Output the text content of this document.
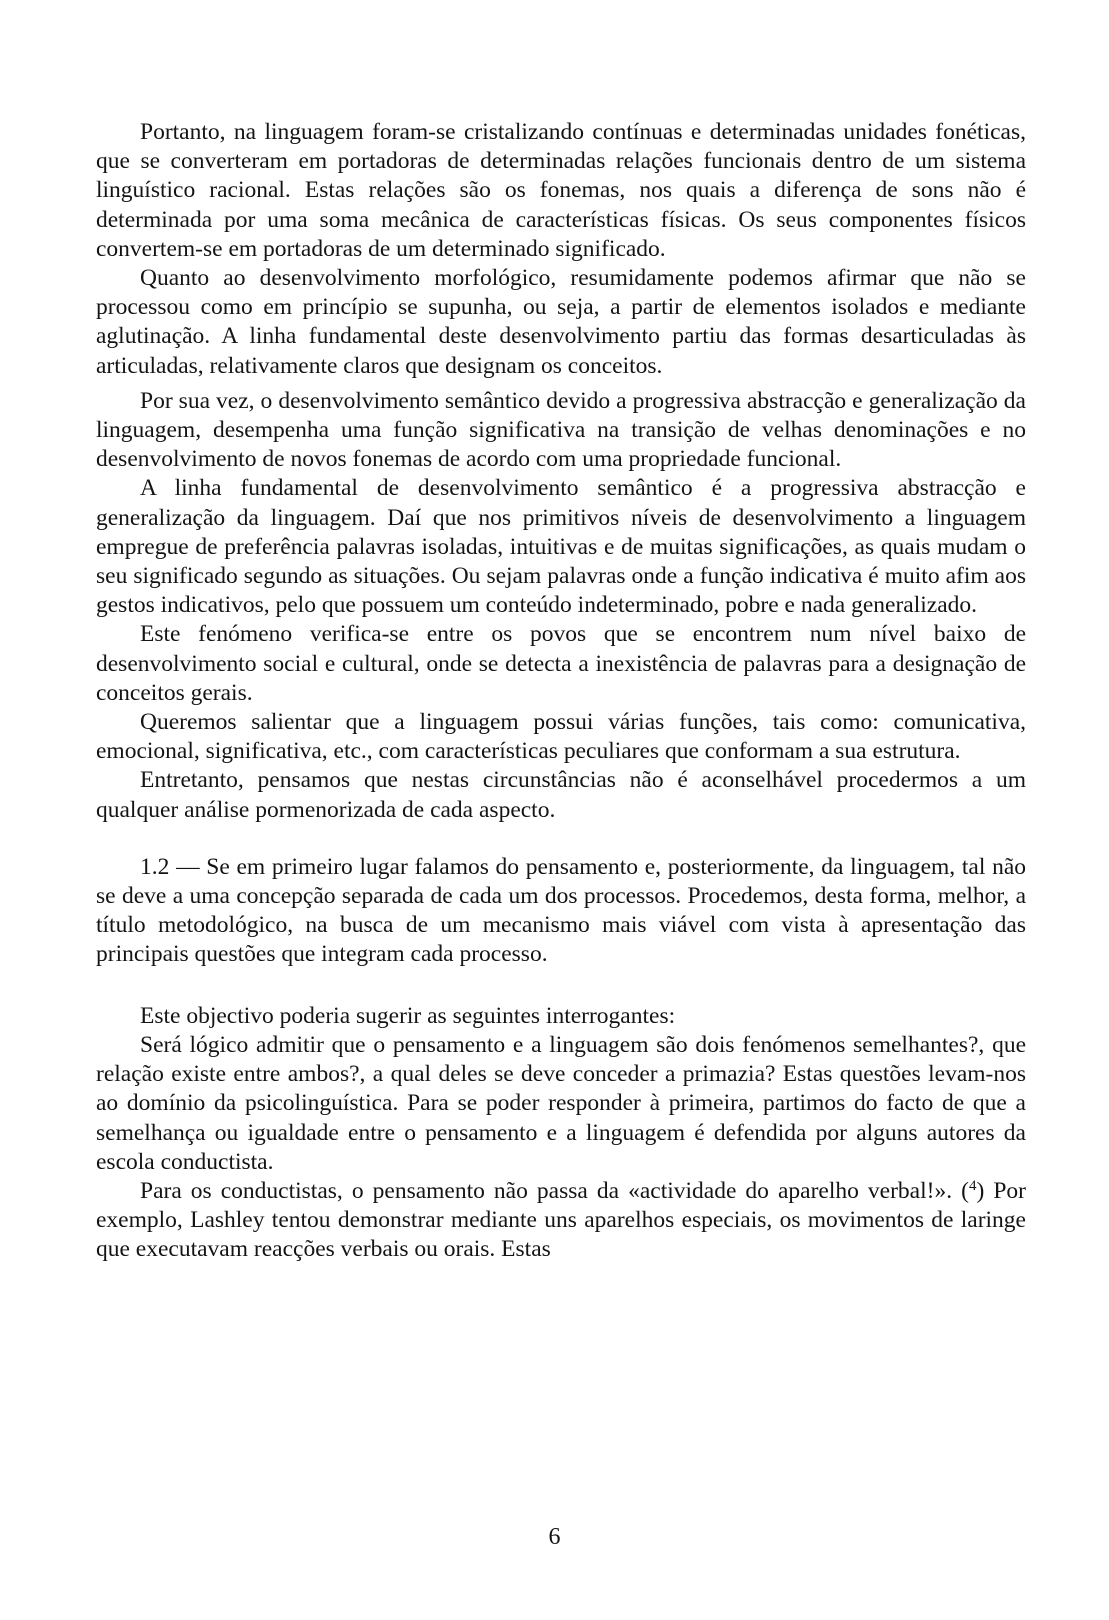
Portanto, na linguagem foram-se cristalizando contínuas e determinadas unidades fonéticas, que se converteram em portadoras de determinadas relações funcionais dentro de um sistema linguístico racional. Estas relações são os fonemas, nos quais a diferença de sons não é determinada por uma soma mecânica de características físicas. Os seus componentes físicos convertem-se em portadoras de um determinado significado.

Quanto ao desenvolvimento morfológico, resumidamente podemos afirmar que não se processou como em princípio se supunha, ou seja, a partir de elementos isolados e mediante aglutinação. A linha fundamental deste desenvolvimento partiu das formas desarticuladas às articuladas, relativamente claros que designam os conceitos.

Por sua vez, o desenvolvimento semântico devido a progressiva abstracção e generalização da linguagem, desempenha uma função significativa na transição de velhas denominações e no desenvolvimento de novos fonemas de acordo com uma propriedade funcional.

A linha fundamental de desenvolvimento semântico é a progressiva abstracção e generalização da linguagem. Daí que nos primitivos níveis de desenvolvimento a linguagem empregue de preferência palavras isoladas, intuitivas e de muitas significações, as quais mudam o seu significado segundo as situações. Ou sejam palavras onde a função indicativa é muito afim aos gestos indicativos, pelo que possuem um conteúdo indeterminado, pobre e nada generalizado.

Este fenómeno verifica-se entre os povos que se encontrem num nível baixo de desenvolvimento social e cultural, onde se detecta a inexistência de palavras para a designação de conceitos gerais.

Queremos salientar que a linguagem possui várias funções, tais como: comunicativa, emocional, significativa, etc., com características peculiares que conformam a sua estrutura.

Entretanto, pensamos que nestas circunstâncias não é aconselhável procedermos a um qualquer análise pormenorizada de cada aspecto.

1.2 — Se em primeiro lugar falamos do pensamento e, posteriormente, da linguagem, tal não se deve a uma concepção separada de cada um dos processos. Procedemos, desta forma, melhor, a título metodológico, na busca de um mecanismo mais viável com vista à apresentação das principais questões que integram cada processo.

Este objectivo poderia sugerir as seguintes interrogantes:

Será lógico admitir que o pensamento e a linguagem são dois fenómenos semelhantes?, que relação existe entre ambos?, a qual deles se deve conceder a primazia? Estas questões levam-nos ao domínio da psicolinguística. Para se poder responder à primeira, partimos do facto de que a semelhança ou igualdade entre o pensamento e a linguagem é defendida por alguns autores da escola conductista.

Para os conductistas, o pensamento não passa da «actividade do aparelho verbal!». ($^4$) Por exemplo, Lashley tentou demonstrar mediante uns aparelhos especiais, os movimentos de laringe que executavam reacções verbais ou orais. Estas

6
